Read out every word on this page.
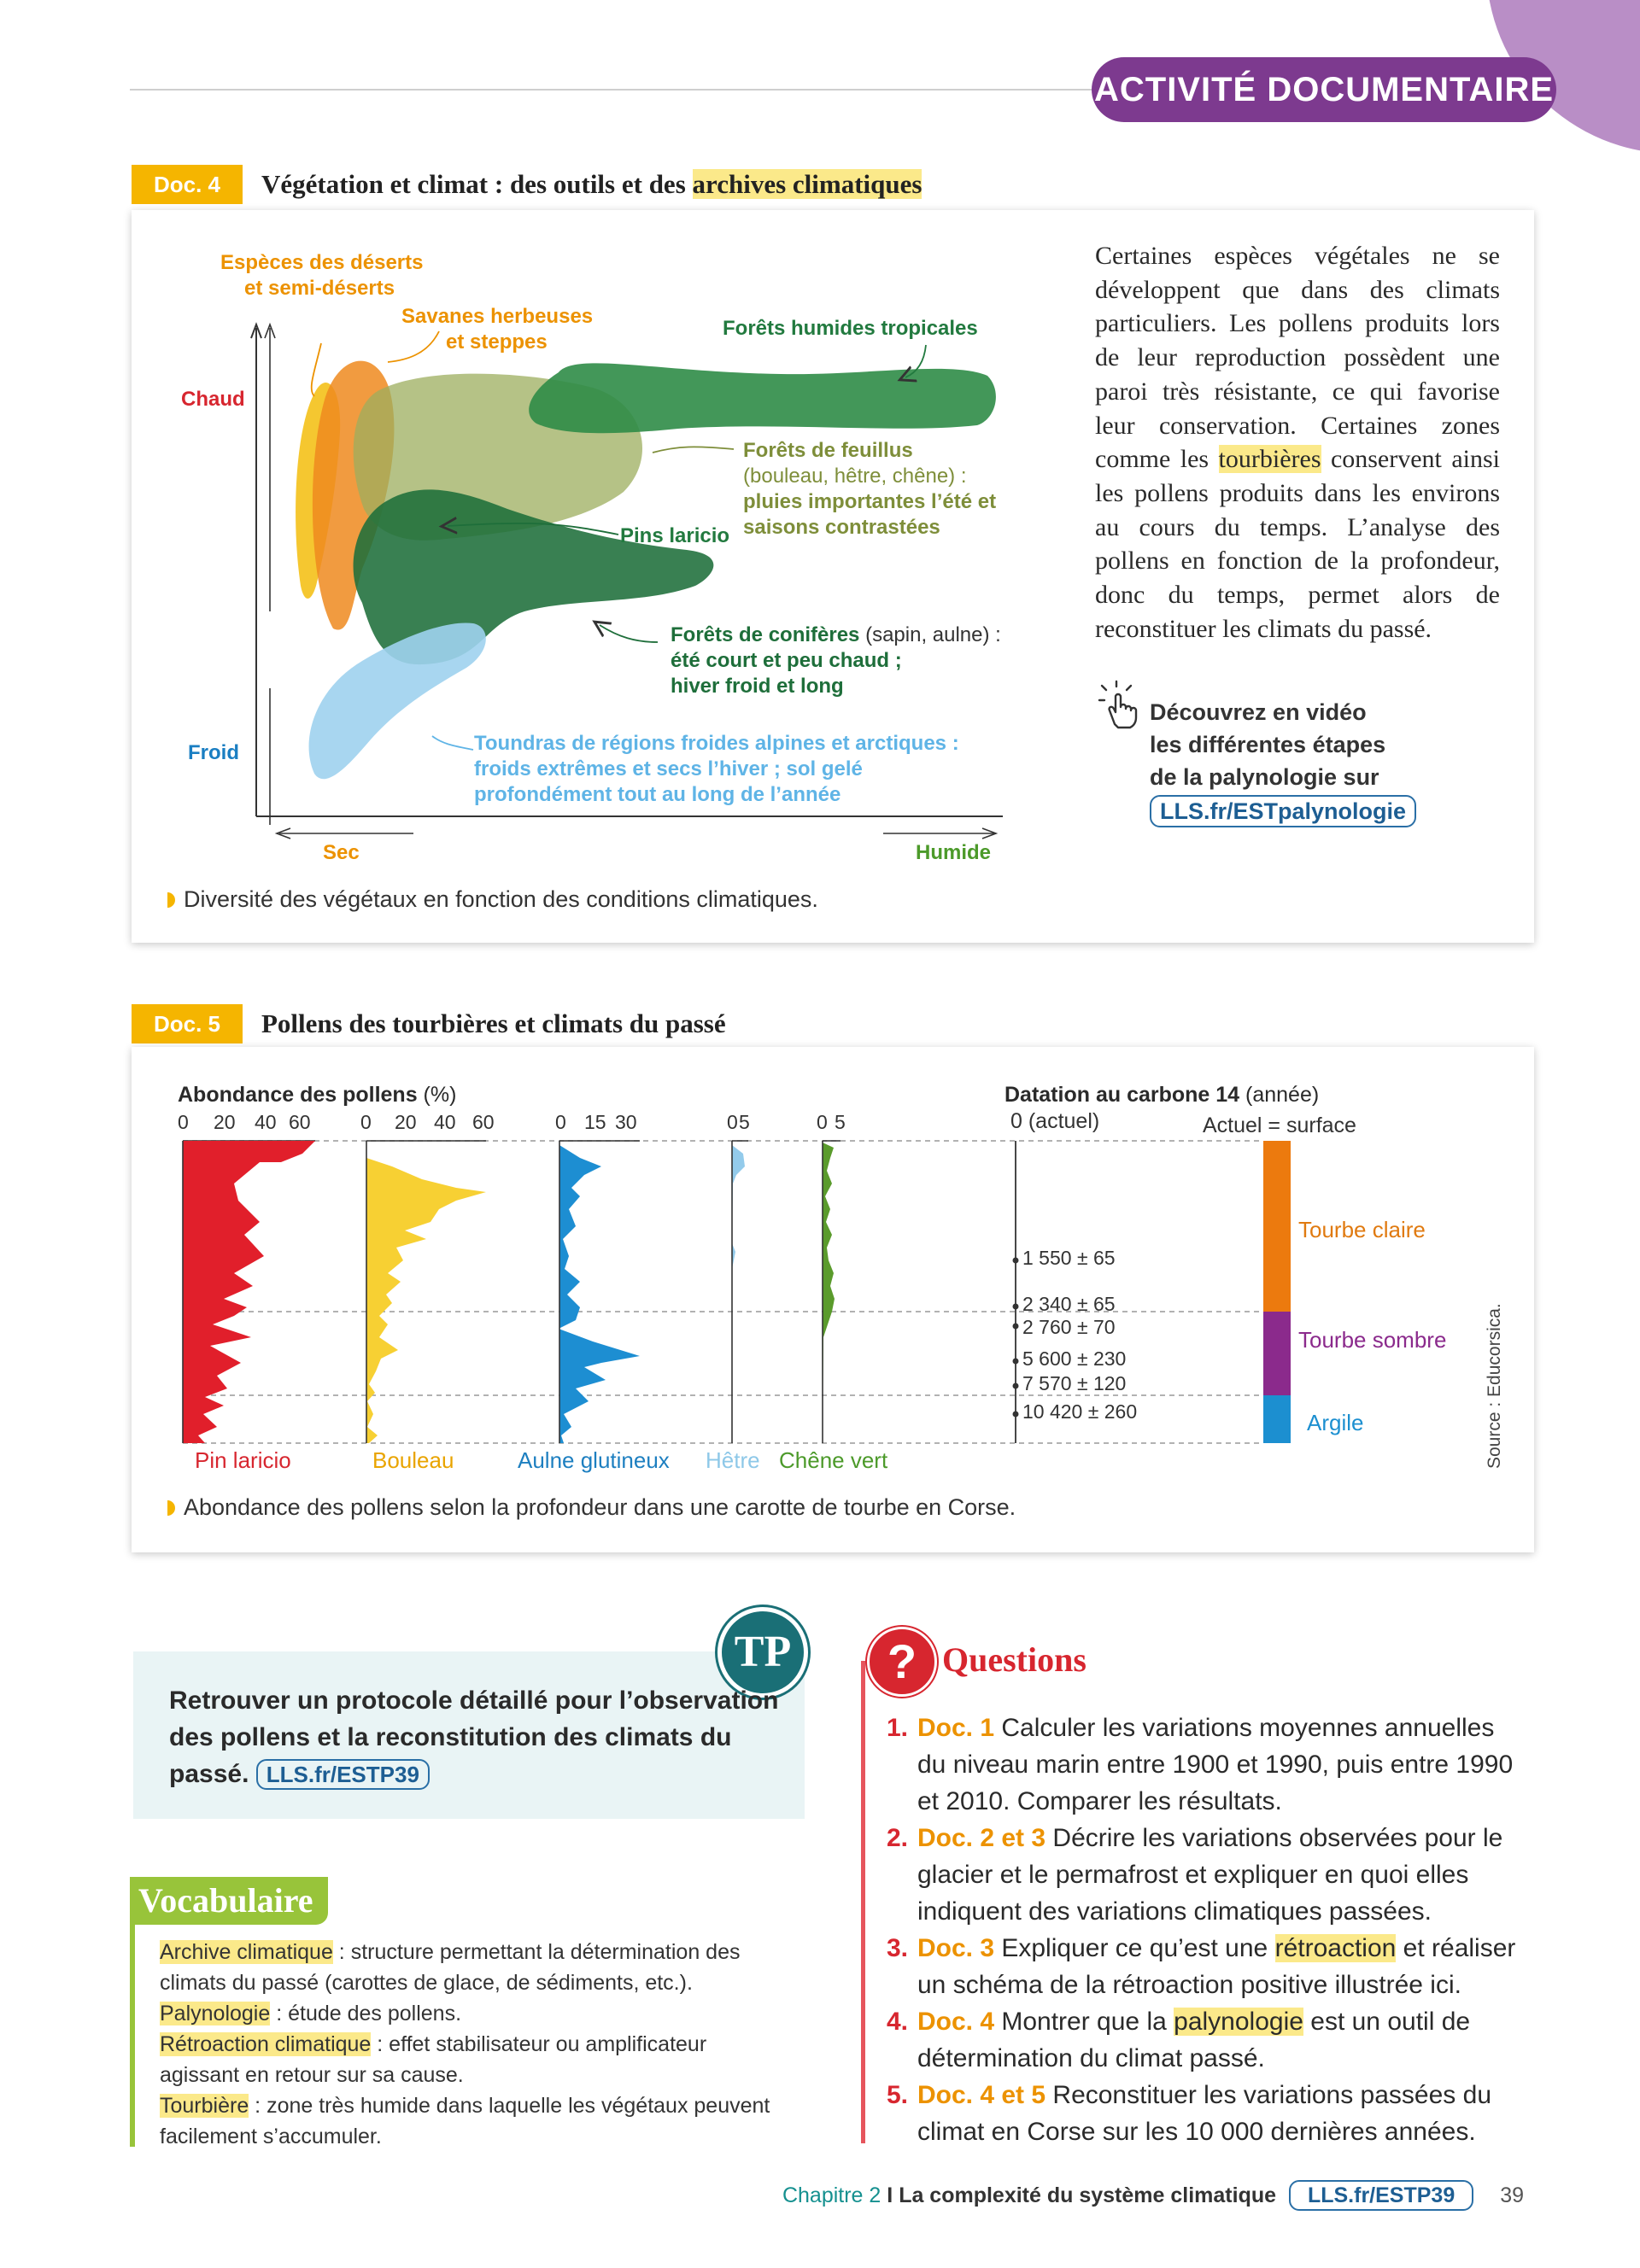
ACTIVITÉ DOCUMENTAIRE
Doc. 4	Végétation et climat : des outils et des archives climatiques
Espèces des déserts
et semi-déserts
Savanes herbeuses
et steppes
Forêts humides tropicales
Forêts de feuillus
(bouleau, hêtre, chêne) :
pluies importantes l’été et
saisons contrastées
Pins laricio
Forêts de conifères (sapin, aulne) :
été court et peu chaud ;
hiver froid et long
Toundras de régions froides alpines et arctiques :
froids extrêmes et secs l’hiver ; sol gelé
profondément tout au long de l’année
Chaud
Froid
Sec	Humide
Diversité des végétaux en fonction des conditions climatiques.
Certaines espèces végétales ne se développent que dans des climats particuliers. Les pollens produits lors de leur reproduction possèdent une paroi très résistante, ce qui favorise leur conservation. Certaines zones comme les tourbières conservent ainsi les pollens produits dans les environs au cours du temps. L’analyse des pollens en fonction de la profondeur, donc du temps, permet alors de reconstituer les climats du passé.
Découvrez en vidéo
les différentes étapes
de la palynologie sur
LLS.fr/ESTpalynologie
Doc. 5	Pollens des tourbières et climats du passé
Abondance des pollens (%)
0 20 40 60	0 20 40 60	0 15 30	0 5	0 5
Datation au carbone 14 (année)
0 (actuel)	Actuel = surface
1 550 ± 65
2 340 ± 65
2 760 ± 70
5 600 ± 230
7 570 ± 120
10 420 ± 260
Tourbe claire
Tourbe sombre
Argile	Source : Educorsica.
Pin laricio	Bouleau	Aulne glutineux Hêtre Chêne vert
Abondance des pollens selon la profondeur dans une carotte de tourbe en Corse.
TP
Retrouver un protocole détaillé pour l’observation des pollens et la reconstitution des climats du passé. LLS.fr/ESTP39
Vocabulaire
Archive climatique : structure permettant la détermination des climats du passé (carottes de glace, de sédiments, etc.).
Palynologie : étude des pollens.
Rétroaction climatique : effet stabilisateur ou amplificateur agissant en retour sur sa cause.
Tourbière : zone très humide dans laquelle les végétaux peuvent facilement s’accumuler.
? Questions
1. Doc. 1 Calculer les variations moyennes annuelles du niveau marin entre 1900 et 1990, puis entre 1990 et 2010. Comparer les résultats.
2. Doc. 2 et 3 Décrire les variations observées pour le glacier et le permafrost et expliquer en quoi elles indiquent des variations climatiques passées.
3. Doc. 3 Expliquer ce qu’est une rétroaction et réaliser un schéma de la rétroaction positive illustrée ici.
4. Doc. 4 Montrer que la palynologie est un outil de détermination du climat passé.
5. Doc. 4 et 5 Reconstituer les variations passées du climat en Corse sur les 10 000 dernières années.
Chapitre 2 I La complexité du système climatique LLS.fr/ESTP39 39
